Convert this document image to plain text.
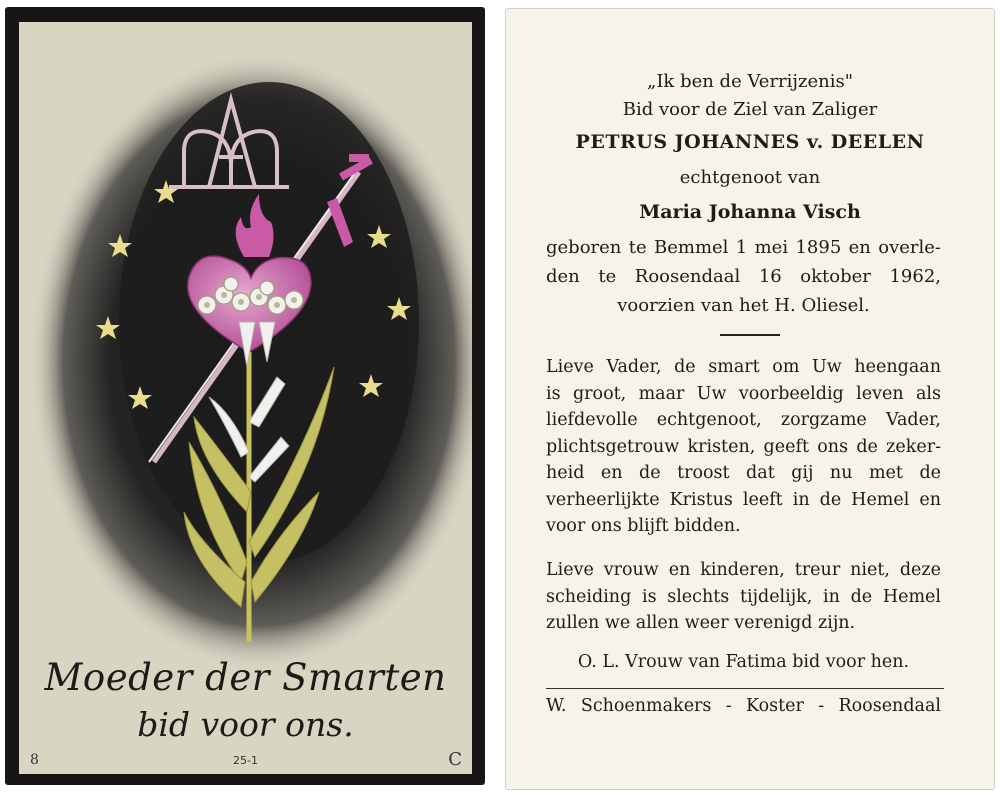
Moeder der Smarten
bid voor ons.
8	25-1	C
„Ik ben de Verrijzenis"
Bid voor de Ziel van Zaliger
PETRUS JOHANNES v. DEELEN
echtgenoot van
Maria Johanna Visch
geboren te Bemmel 1 mei 1895 en overle-
den te Roosendaal 16 oktober 1962,
voorzien van het H. Oliesel.
Lieve Vader, de smart om Uw heengaan
is groot, maar Uw voorbeeldig leven als
liefdevolle echtgenoot, zorgzame Vader,
plichtsgetrouw kristen, geeft ons de zeker-
heid en de troost dat gij nu met de
verheerlijkte Kristus leeft in de Hemel en
voor ons blijft bidden.
Lieve vrouw en kinderen, treur niet, deze
scheiding is slechts tijdelijk, in de Hemel
zullen we allen weer verenigd zijn.
O. L. Vrouw van Fatima bid voor hen.
W. Schoenmakers - Koster - Roosendaal
